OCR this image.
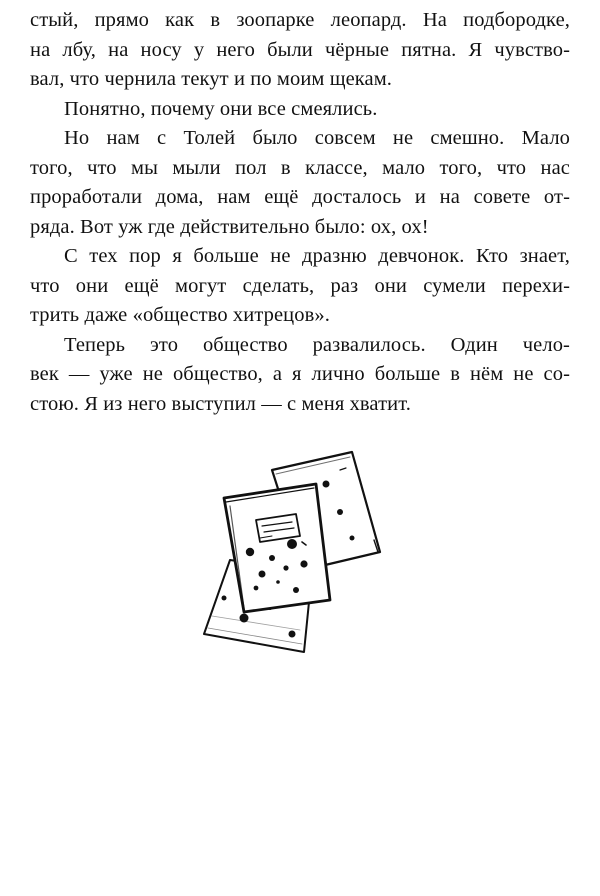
стый, прямо как в зоопарке леопард. На подбородке,
на лбу, на носу у него были чёрные пятна. Я чувство-
вал, что чернила текут и по моим щекам.

Понятно, почему они все смеялись.

Но нам с Толей было совсем не смешно. Мало
того, что мы мыли пол в классе, мало того, что нас
проработали дома, нам ещё досталось и на совете от-
ряда. Вот уж где действительно было: ох, ох!

С тех пор я больше не дразню девчонок. Кто знает,
что они ещё могут сделать, раз они сумели перехи-
трить даже «общество хитрецов».

Теперь это общество развалилось. Один чело-
век — уже не общество, а я лично больше в нём не со-
стою. Я из него выступил — с меня хватит.
